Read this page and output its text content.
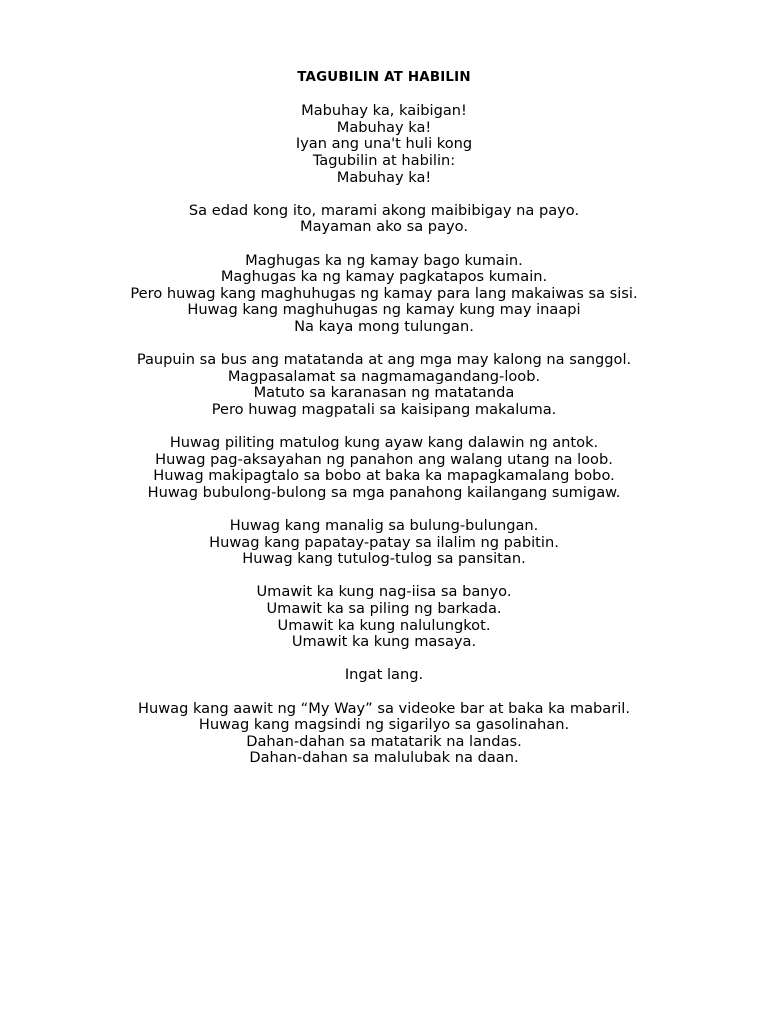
TAGUBILIN AT HABILIN
Mabuhay ka, kaibigan!
Mabuhay ka!
Iyan ang una't huli kong
Tagubilin at habilin:
Mabuhay ka!
Sa edad kong ito, marami akong maibibigay na payo.
Mayaman ako sa payo.
Maghugas ka ng kamay bago kumain.
Maghugas ka ng kamay pagkatapos kumain.
Pero huwag kang maghuhugas ng kamay para lang makaiwas sa sisi.
Huwag kang maghuhugas ng kamay kung may inaapi
Na kaya mong tulungan.
Paupuin sa bus ang matatanda at ang mga may kalong na sanggol.
Magpasalamat sa nagmamagandang-loob.
Matuto sa karanasan ng matatanda
Pero huwag magpatali sa kaisipang makaluma.
Huwag piliting matulog kung ayaw kang dalawin ng antok.
Huwag pag-aksayahan ng panahon ang walang utang na loob.
Huwag makipagtalo sa bobo at baka ka mapagkamalang bobo.
Huwag bubulong-bulong sa mga panahong kailangang sumigaw.
Huwag kang manalig sa bulung-bulungan.
Huwag kang papatay-patay sa ilalim ng pabitin.
Huwag kang tutulog-tulog sa pansitan.
Umawit ka kung nag-iisa sa banyo.
Umawit ka sa piling ng barkada.
Umawit ka kung nalulungkot.
Umawit ka kung masaya.
Ingat lang.
Huwag kang aawit ng “My Way” sa videoke bar at baka ka mabaril.
Huwag kang magsindi ng sigarilyo sa gasolinahan.
Dahan-dahan sa matatarik na landas.
Dahan-dahan sa malulubak na daan.
